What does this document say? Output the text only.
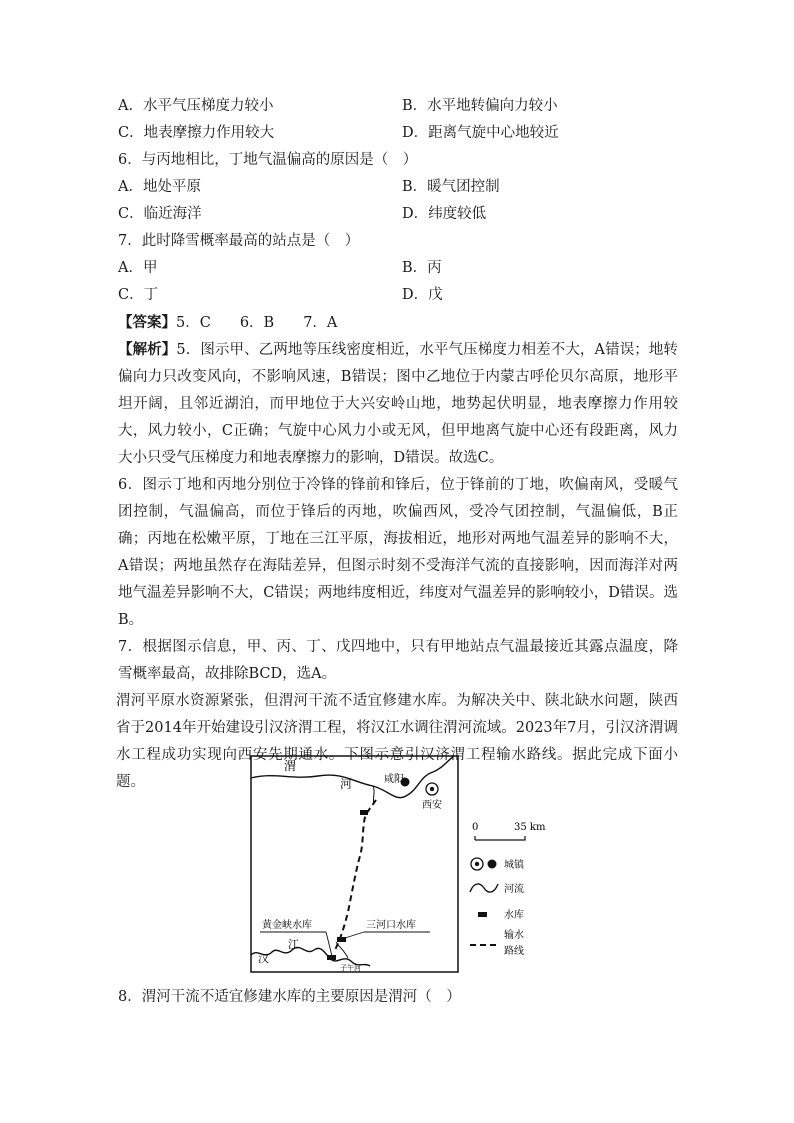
A．水平气压梯度力较小	B．水平地转偏向力较小
C．地表摩擦力作用较大	D．距离气旋中心地较近
6．与丙地相比，丁地气温偏高的原因是（　）
A．地处平原	B．暖气团控制
C．临近海洋	D．纬度较低
7．此时降雪概率最高的站点是（　）
A．甲	B．丙
C．丁	D．戊
【答案】5．C　　6．B　　7．A

【解析】5．图示甲、乙两地等压线密度相近，水平气压梯度力相差不大，A错误；地转偏向力只改变风向，不影响风速，B错误；图中乙地位于内蒙古呼伦贝尔高原，地形平坦开阔，且邻近湖泊，而甲地位于大兴安岭山地，地势起伏明显，地表摩擦力作用较大，风力较小，C正确；气旋中心风力小或无风，但甲地离气旋中心还有段距离，风力大小只受气压梯度力和地表摩擦力的影响，D错误。故选C。

6．图示丁地和丙地分别位于冷锋的锋前和锋后，位于锋前的丁地，吹偏南风，受暖气团控制，气温偏高，而位于锋后的丙地，吹偏西风，受冷气团控制，气温偏低，B正确；丙地在松嫩平原，丁地在三江平原，海拔相近，地形对两地气温差异的影响不大，A错误；两地虽然存在海陆差异，但图示时刻不受海洋气流的直接影响，因而海洋对两地气温差异影响不大，C错误；两地纬度相近，纬度对气温差异的影响较小，D错误。选B。

7．根据图示信息，甲、丙、丁、戊四地中，只有甲地站点气温最接近其露点温度，降雪概率最高，故排除BCD，选A。

渭河平原水资源紧张，但渭河干流不适宜修建水库。为解决关中、陕北缺水问题，陕西省于2014年开始建设引汉济渭工程，将汉江水调往渭河流域。2023年7月，引汉济渭调水工程成功实现向西安先期通水。下图示意引汉济渭工程输水路线。据此完成下面小题。
渭
河	咸阳
西安
黄金峡水库	三河口水库
汉
江
子午河
0	35 km
城镇
河流
水库
输水
路线
8．渭河干流不适宜修建水库的主要原因是渭河（　）
